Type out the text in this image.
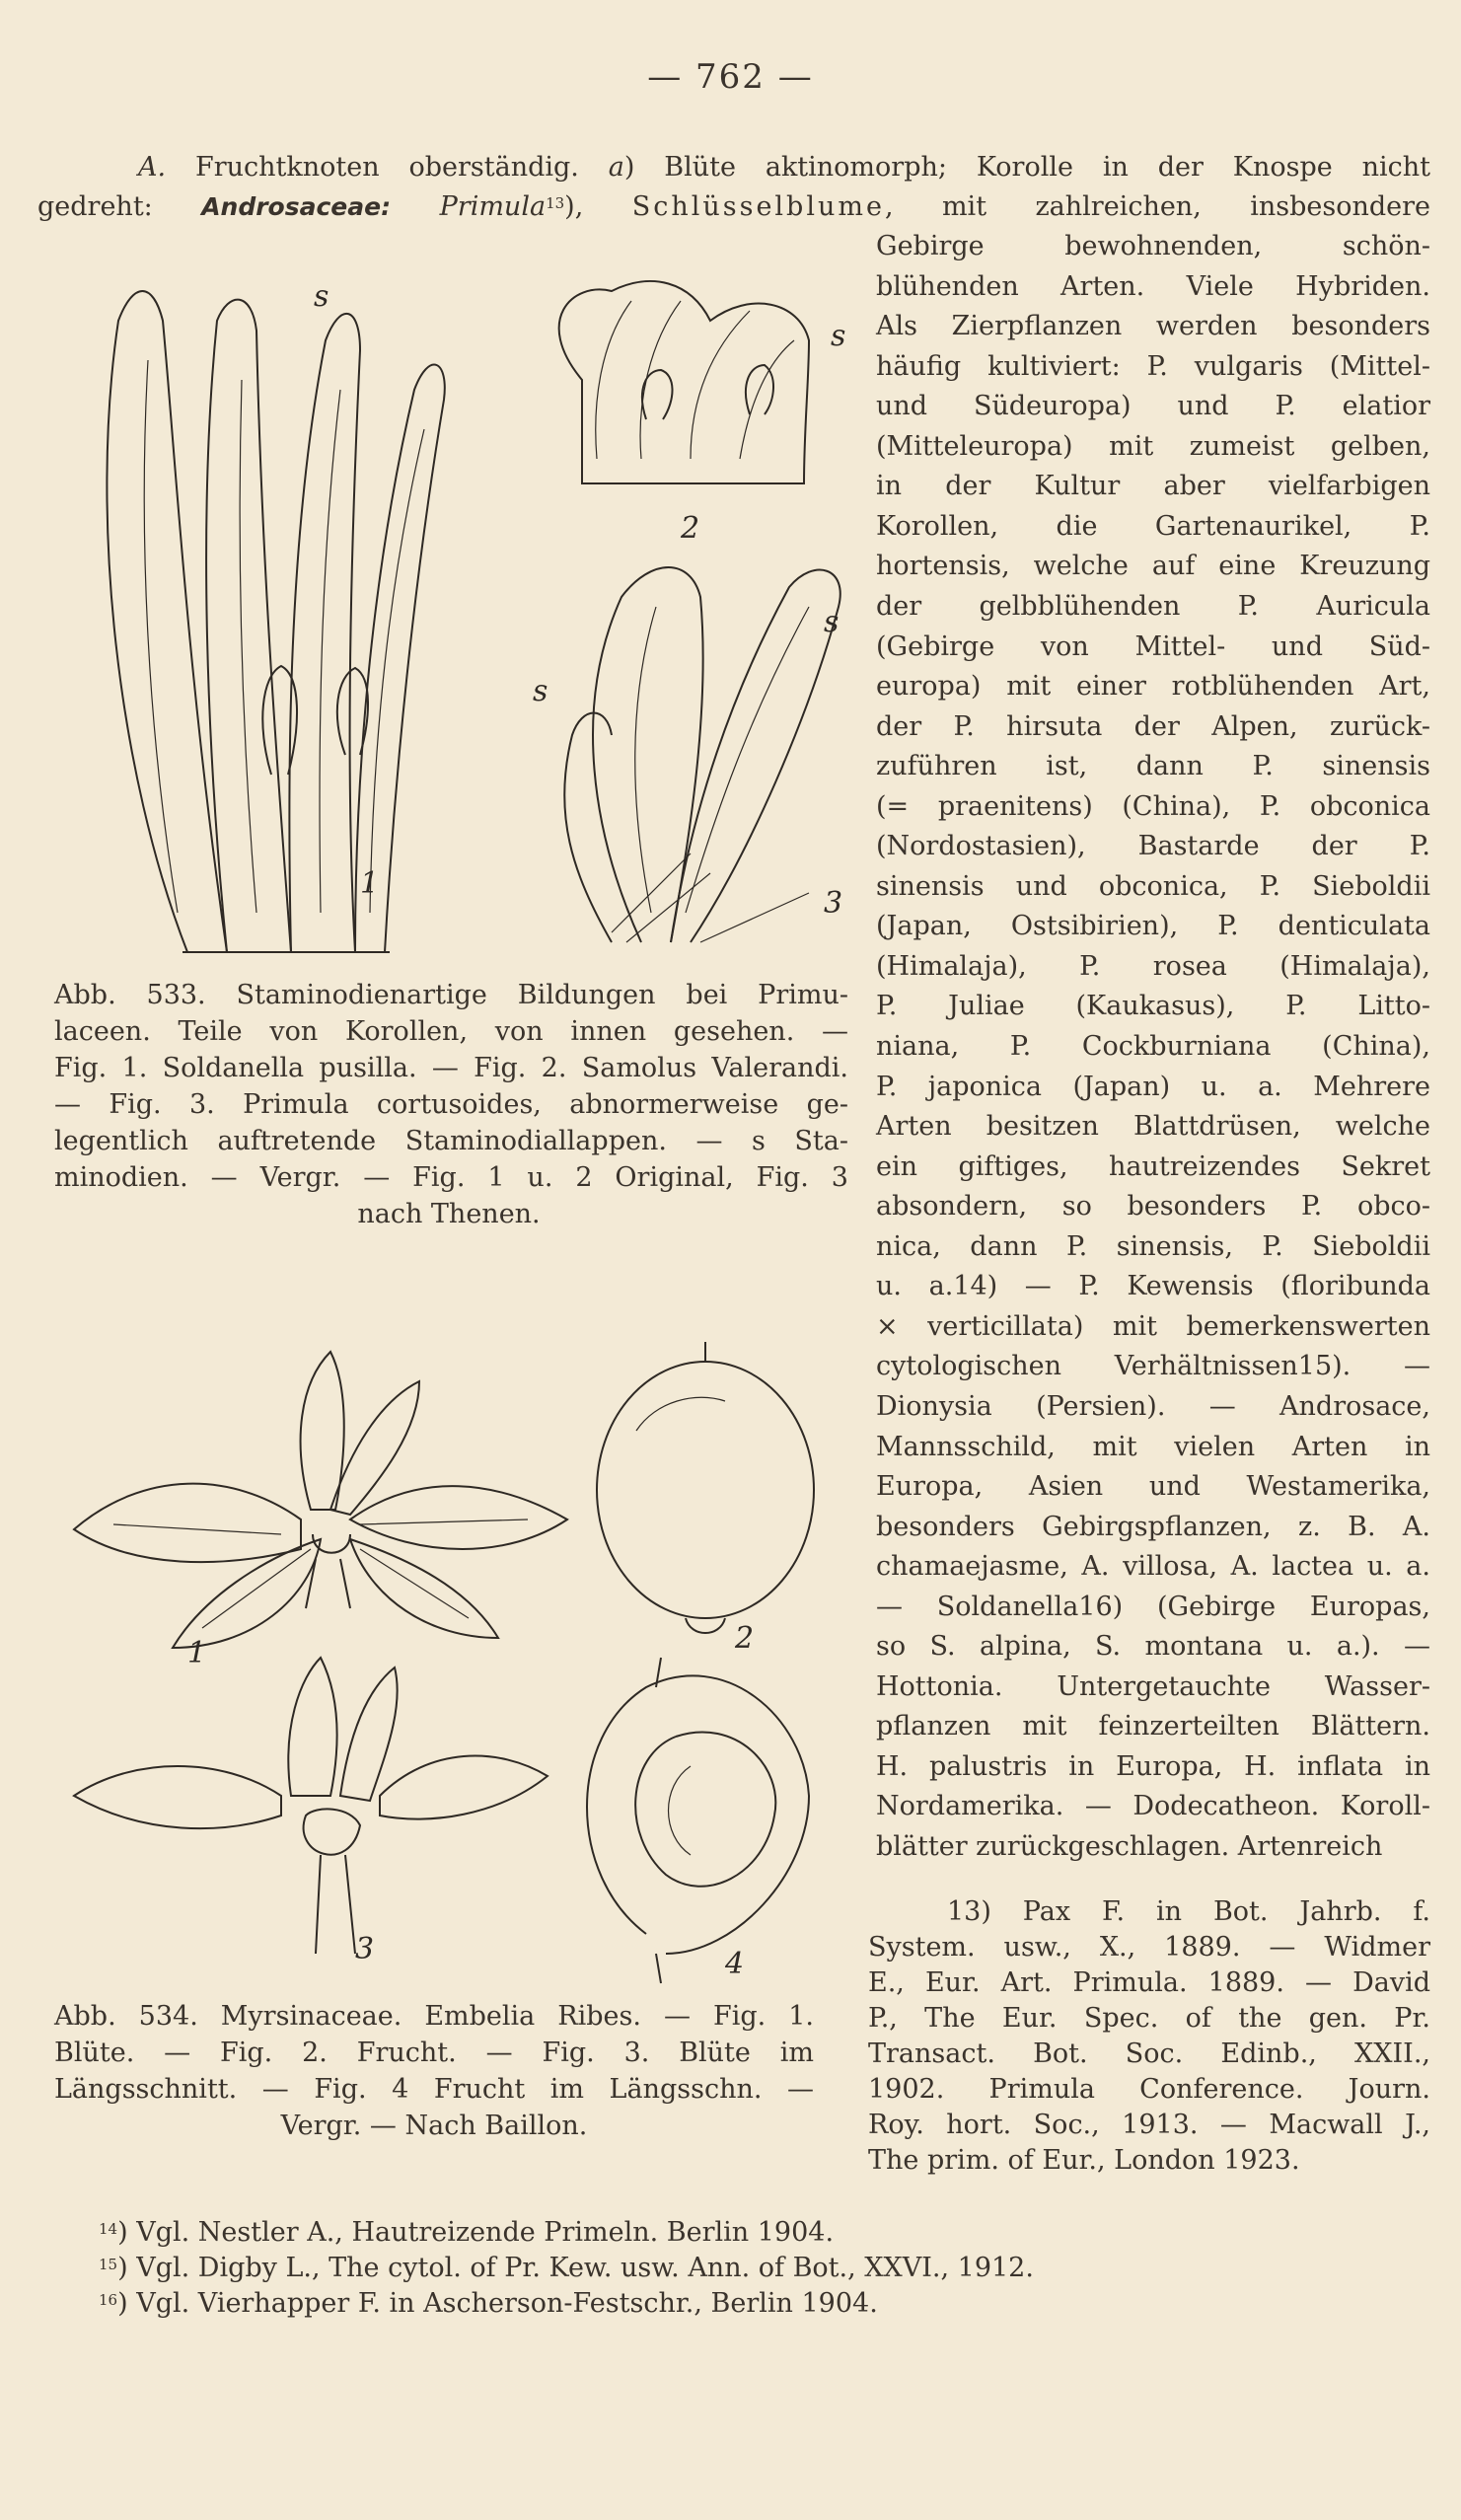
— 762 —
A. Fruchtknoten oberständig. a) Blüte aktinomorph; Korolle in der Knospe nicht
gedreht: Androsaceae: Primula$^{13}$), Schlüsselblume, mit zahlreichen, insbesondere
Gebirge bewohnenden, schön-
blühenden Arten. Viele Hybriden.
Als Zierpflanzen werden besonders
häufig kultiviert: P. vulgaris (Mittel-
und Südeuropa) und P. elatior
(Mitteleuropa) mit zumeist gelben,
in der Kultur aber vielfarbigen
Korollen, die Gartenaurikel, P.
hortensis, welche auf eine Kreuzung
der gelbblühenden P. Auricula
(Gebirge von Mittel- und Süd-
europa) mit einer rotblühenden Art,
der P. hirsuta der Alpen, zurück-
zuführen ist, dann P. sinensis
(= praenitens) (China), P. obconica
(Nordostasien), Bastarde der P.
sinensis und obconica, P. Sieboldii
(Japan, Ostsibirien), P. denticulata
(Himalaja), P. rosea (Himalaja),
P. Juliae (Kaukasus), P. Litto-
niana, P. Cockburniana (China),
P. japonica (Japan) u. a. Mehrere
Arten besitzen Blattdrüsen, welche
ein giftiges, hautreizendes Sekret
absondern, so besonders P. obco-
nica, dann P. sinensis, P. Sieboldii
u. a.14) — P. Kewensis (floribunda
× verticillata) mit bemerkenswerten
cytologischen Verhältnissen15). —
Dionysia (Persien). — Androsace,
Mannsschild, mit vielen Arten in
Europa, Asien und Westamerika,
besonders Gebirgspflanzen, z. B. A.
chamaejasme, A. villosa, A. lactea u. a.
— Soldanella16) (Gebirge Europas,
so S. alpina, S. montana u. a.). —
Hottonia. Untergetauchte Wasser-
pflanzen mit feinzerteilten Blättern.
H. palustris in Europa, H. inflata in
Nordamerika. — Dodecatheon. Koroll-
blätter zurückgeschlagen. Artenreich
1
s
2
s
3
s
s
Abb. 533. Staminodienartige Bildungen bei Primu-
laceen. Teile von Korollen, von innen gesehen. —
Fig. 1. Soldanella pusilla. — Fig. 2. Samolus Valerandi.
— Fig. 3. Primula cortusoides, abnormerweise ge-
legentlich auftretende Staminodiallappen. — s Sta-
minodien. — Vergr. — Fig. 1 u. 2 Original, Fig. 3
nach Thenen.
1	2
3	4
Abb. 534. Myrsinaceae. Embelia Ribes. — Fig. 1.
Blüte. — Fig. 2. Frucht. — Fig. 3. Blüte im
Längsschnitt. — Fig. 4 Frucht im Längsschn. —
Vergr. — Nach Baillon.
13) Pax F. in Bot. Jahrb. f.
System. usw., X., 1889. — Widmer
E., Eur. Art. Primula. 1889. — David
P., The Eur. Spec. of the gen. Pr.
Transact. Bot. Soc. Edinb., XXII.,
1902. Primula Conference. Journ.
Roy. hort. Soc., 1913. — Macwall J.,
The prim. of Eur., London 1923.
$^{14}$) Vgl. Nestler A., Hautreizende Primeln. Berlin 1904.
$^{15}$) Vgl. Digby L., The cytol. of Pr. Kew. usw. Ann. of Bot., XXVI., 1912.
$^{16}$) Vgl. Vierhapper F. in Ascherson-Festschr., Berlin 1904.
